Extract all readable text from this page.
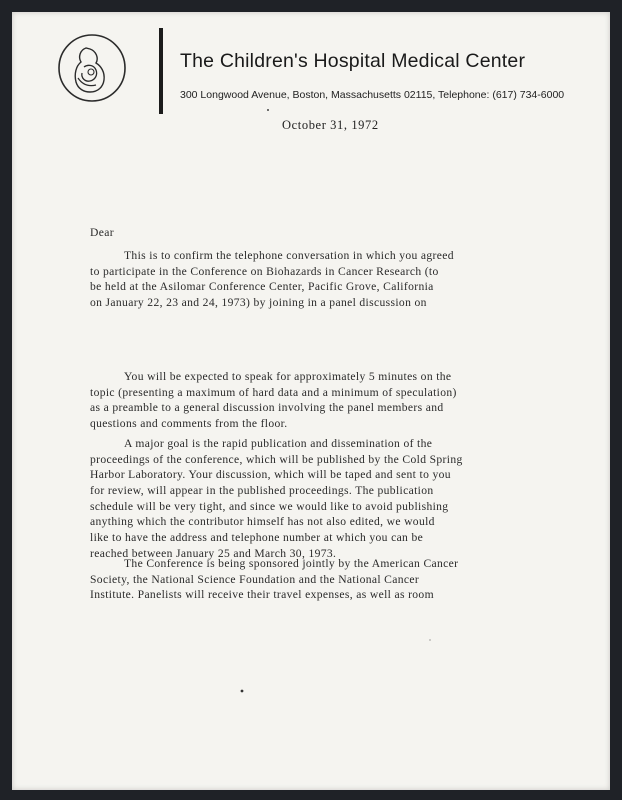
The Children's Hospital Medical Center
300 Longwood Avenue, Boston, Massachusetts 02115, Telephone: (617) 734-6000
October 31, 1972
Dear
This is to confirm the telephone conversation in which you agreed
to participate in the Conference on Biohazards in Cancer Research (to
be held at the Asilomar Conference Center, Pacific Grove, California
on January 22, 23 and 24, 1973) by joining in a panel discussion on
You will be expected to speak for approximately 5 minutes on the
topic (presenting a maximum of hard data and a minimum of speculation)
as a preamble to a general discussion involving the panel members and
questions and comments from the floor.
A major goal is the rapid publication and dissemination of the
proceedings of the conference, which will be published by the Cold Spring
Harbor Laboratory. Your discussion, which will be taped and sent to you
for review, will appear in the published proceedings. The publication
schedule will be very tight, and since we would like to avoid publishing
anything which the contributor himself has not also edited, we would
like to have the address and telephone number at which you can be
reached between January 25 and March 30, 1973.
The Conference is being sponsored jointly by the American Cancer
Society, the National Science Foundation and the National Cancer
Institute. Panelists will receive their travel expenses, as well as room
